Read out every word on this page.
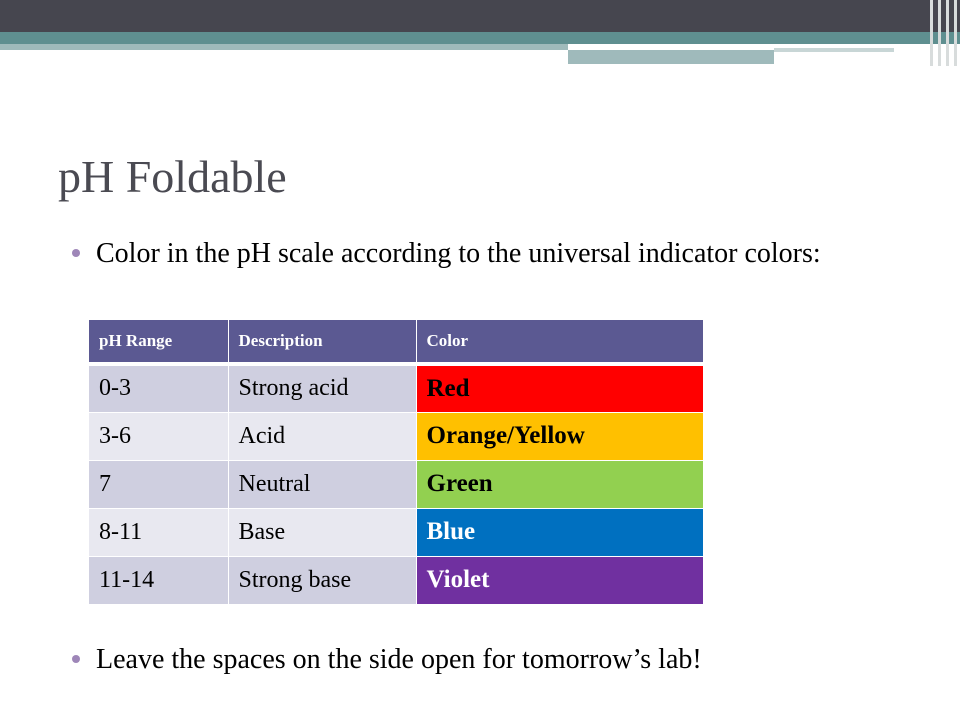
pH Foldable
Color in the pH scale according to the universal indicator colors:
pH Range	Description	Color
0-3	Strong acid	Red
3-6	Acid	Orange/Yellow
7	Neutral	Green
8-11	Base	Blue
11-14	Strong base	Violet
Leave the spaces on the side open for tomorrow’s lab!
